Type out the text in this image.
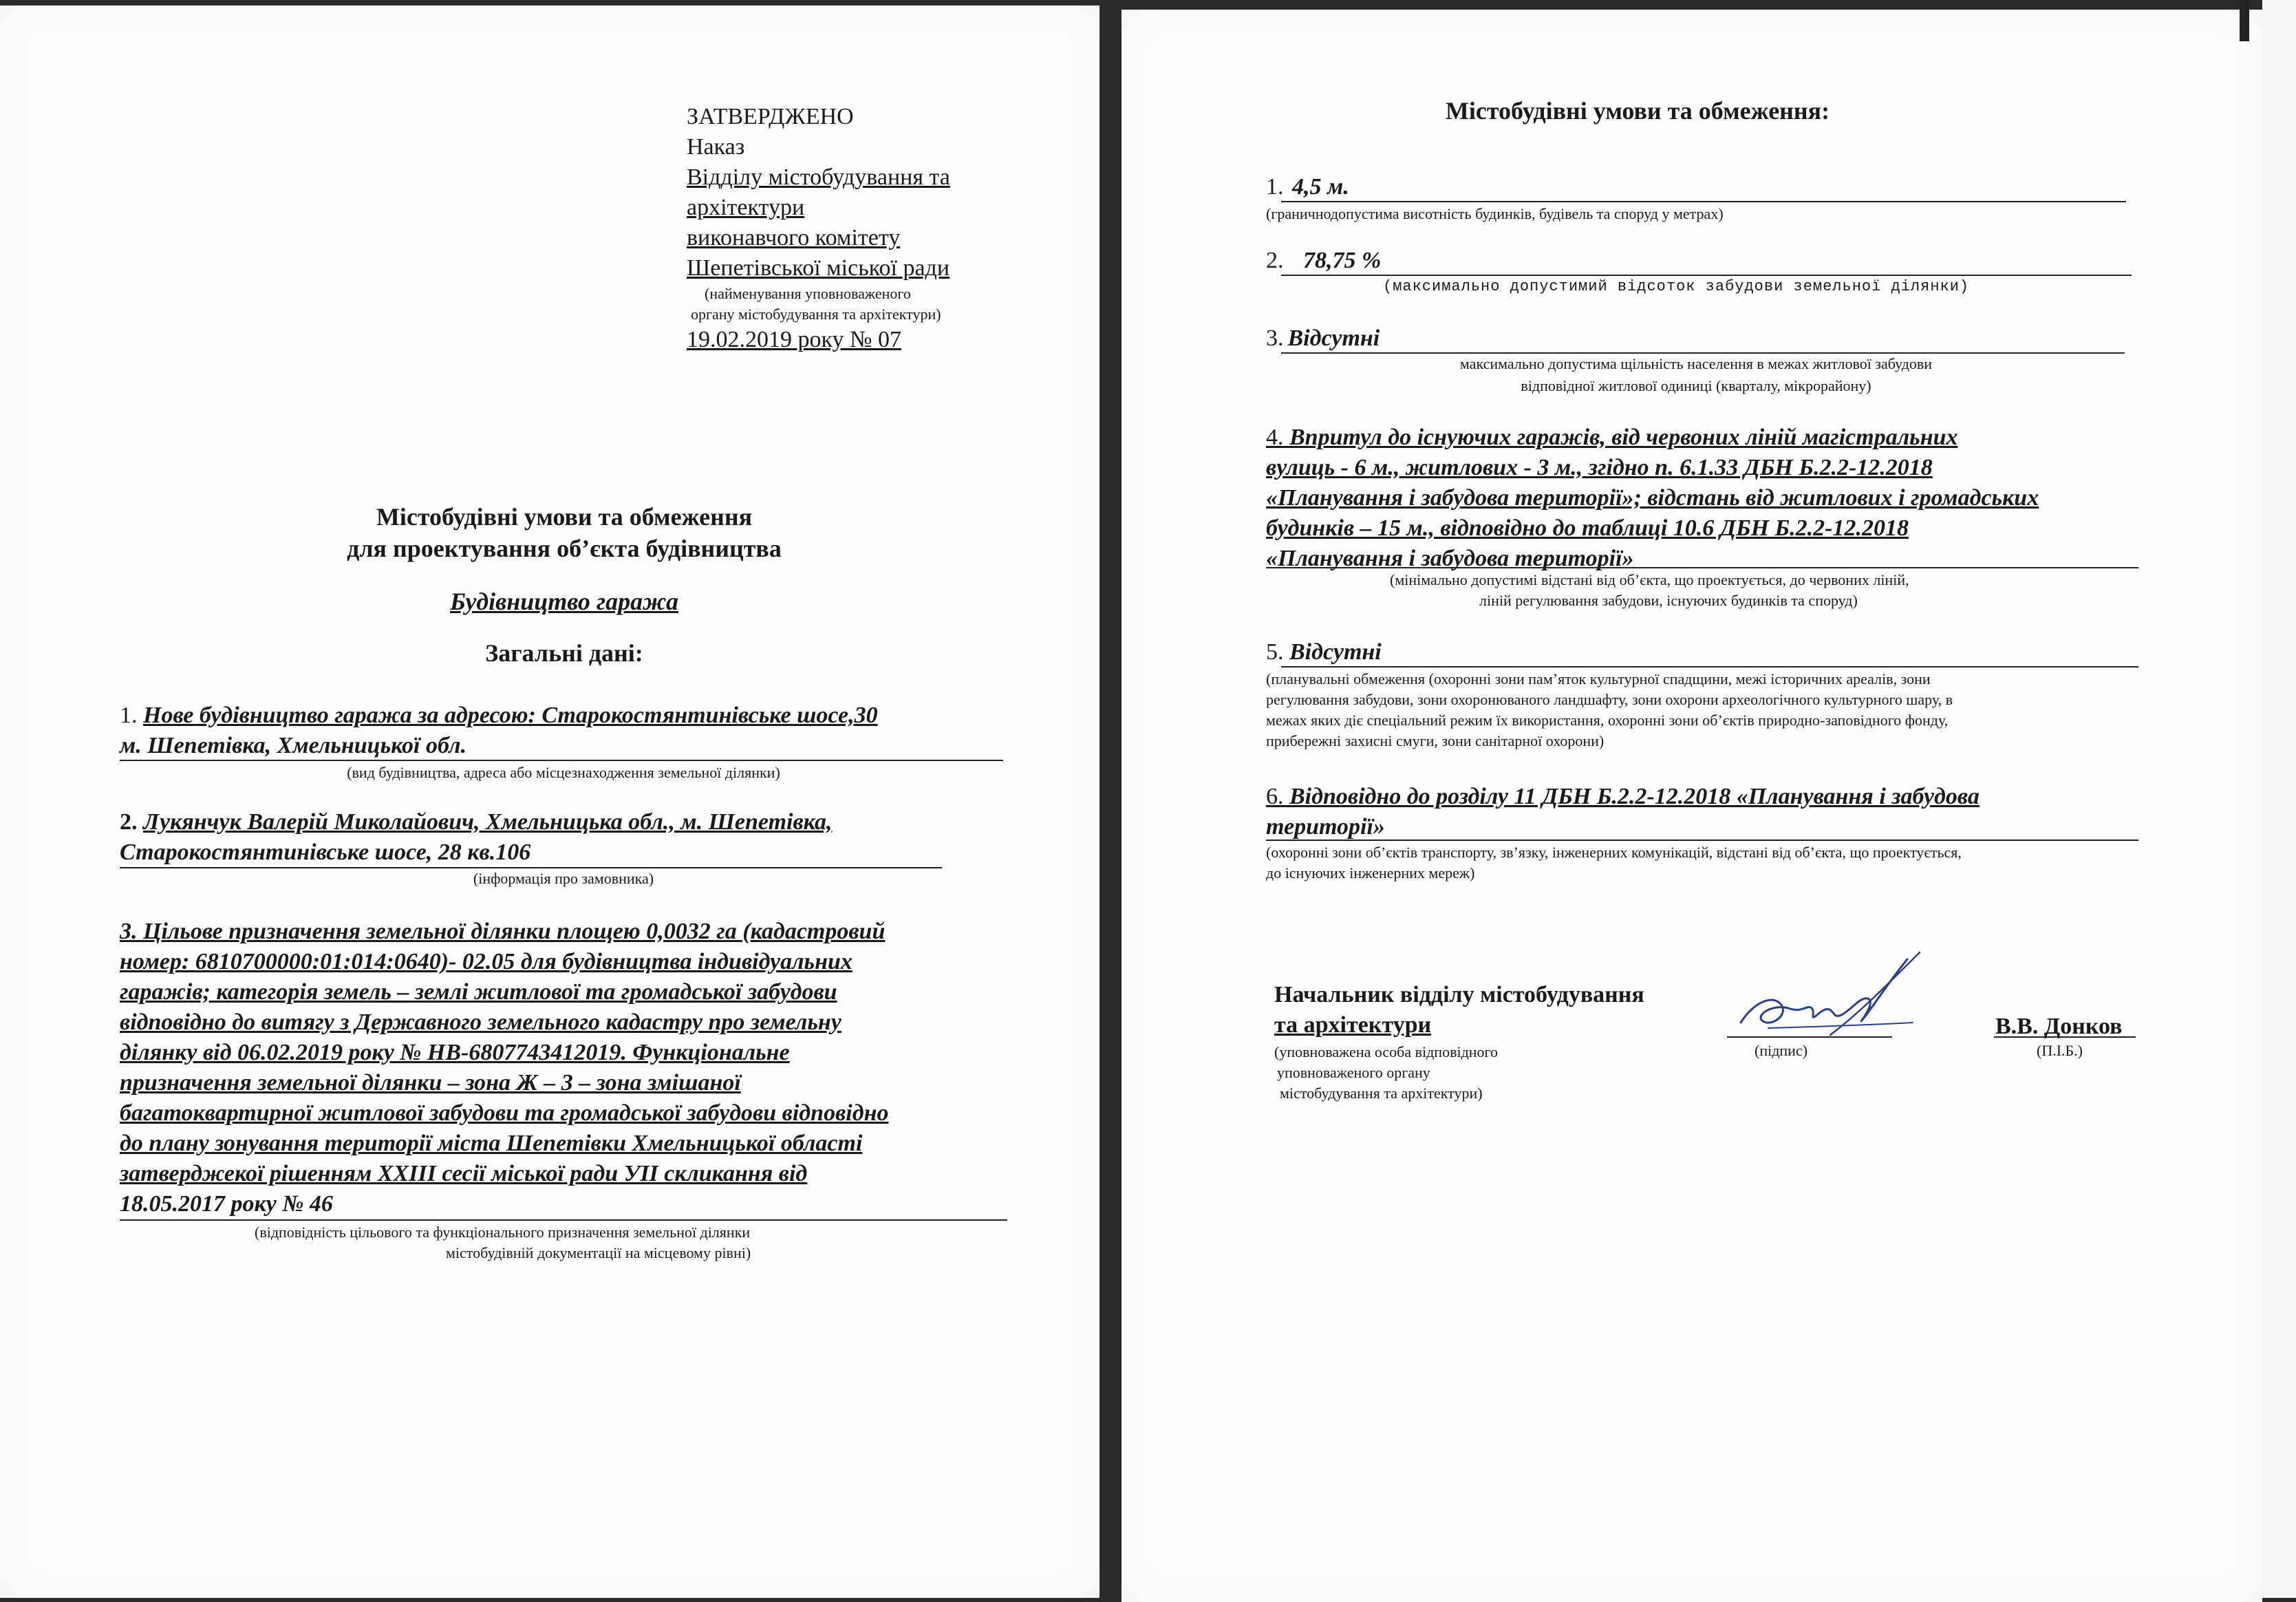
ЗАТВЕРДЖЕНО
Наказ
Відділу містобудування та
архітектури
виконавчого комітету
Шепетівської міської ради
(найменування уповноваженого
органу містобудування та архітектури)
19.02.2019 року № 07
Містобудівні умови та обмеження
для проектування об’єкта будівництва
Будівництво гаража
Загальні дані:
1. Нове будівництво гаража за адресою: Старокостянтинівське шосе,30
м. Шепетівка, Хмельницької обл.
(вид будівництва, адреса або місцезнаходження земельної ділянки)
2. Лукянчук Валерій Миколайович, Хмельницька обл., м. Шепетівка,
Старокостянтинівське шосе, 28 кв.106
(інформація про замовника)
3. Цільове призначення земельної ділянки площею 0,0032 га (кадастровий
номер: 6810700000:01:014:0640)- 02.05 для будівництва індивідуальних
гаражів; категорія земель – землі житлової та громадської забудови
відповідно до витягу з Державного земельного кадастру про земельну
ділянку від 06.02.2019 року № НВ-6807743412019. Функціональне
призначення земельної ділянки – зона Ж – 3 – зона змішаної
багатоквартирної житлової забудови та громадської забудови відповідно
до плану зонування території міста Шепетівки Хмельницької області
затверджекої рішенням ХХІІІ сесії міської ради УІІ скликання від
18.05.2017 року № 46
(відповідність цільового та функціонального призначення земельної ділянки
містобудівній документації на місцевому рівні)
Містобудівні умови та обмеження:
1. 4,5 м.
(граничнодопустима висотність будинків, будівель та споруд у метрах)
2. 78,75 %
(максимально допустимий відсоток забудови земельної ділянки)
3. Відсутні
максимально допустима щільність населення в межах житлової забудови
відповідної житлової одиниці (кварталу, мікрорайону)
4. Впритул до існуючих гаражів, від червоних ліній магістральних
вулиць - 6 м., житлових - 3 м., згідно п. 6.1.33 ДБН Б.2.2-12.2018
«Планування і забудова території»; відстань від житлових і громадських
будинків – 15 м., відповідно до таблиці 10.6 ДБН Б.2.2-12.2018
«Планування і забудова території»
(мінімально допустимі відстані від об’єкта, що проектується, до червоних ліній,
ліній регулювання забудови, існуючих будинків та споруд)
5. Відсутні
(планувальні обмеження (охоронні зони пам’яток культурної спадщини, межі історичних ареалів, зони
регулювання забудови, зони охоронюваного ландшафту, зони охорони археологічного культурного шару, в
межах яких діє спеціальний режим їх використання, охоронні зони об’єктів природно-заповідного фонду,
прибережні захисні смуги, зони санітарної охорони)
6. Відповідно до розділу 11 ДБН Б.2.2-12.2018 «Планування і забудова
території»
(охоронні зони об’єктів транспорту, зв’язку, інженерних комунікацій, відстані від об’єкта, що проектується,
до існуючих інженерних мереж)
Начальник відділу містобудування
та архітектури
(уповноважена особа відповідного
уповноваженого органу
містобудування та архітектури)
(підпис)
В.В. Донков
(П.І.Б.)
